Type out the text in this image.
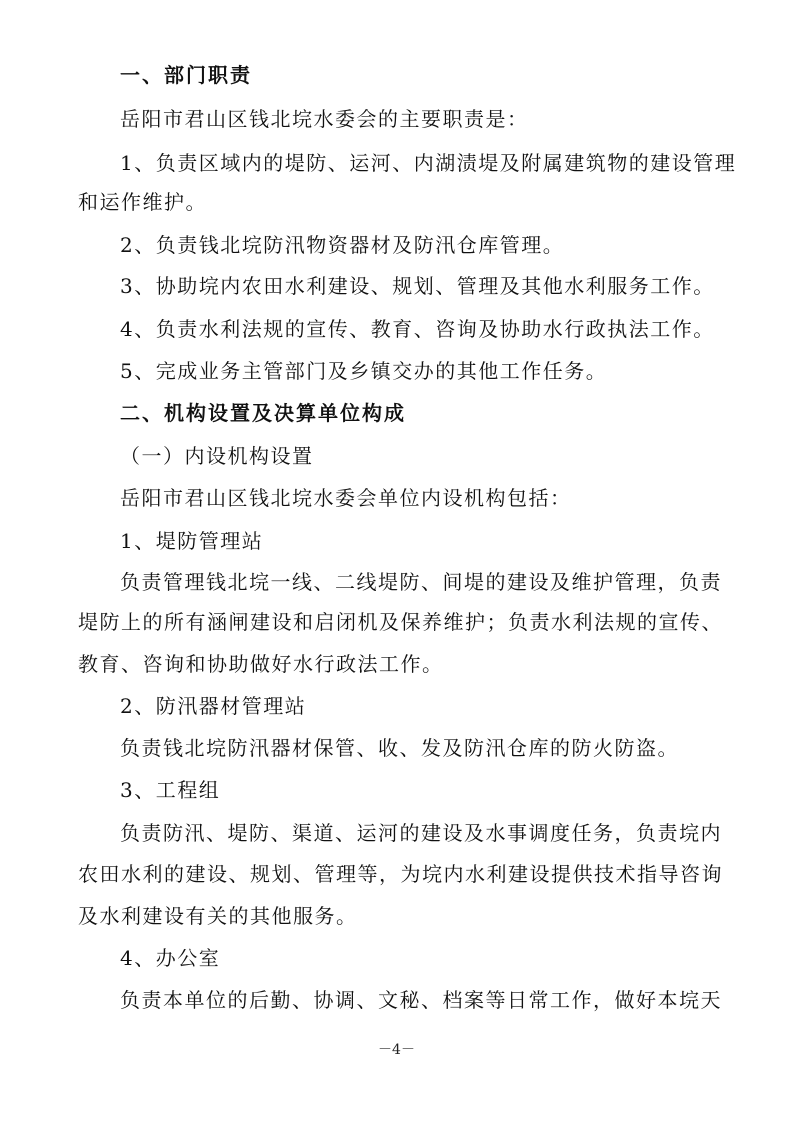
一、部门职责
岳阳市君山区钱北垸水委会的主要职责是：
1、负责区域内的堤防、运河、内湖渍堤及附属建筑物的建设管理
和运作维护。
2、负责钱北垸防汛物资器材及防汛仓库管理。
3、协助垸内农田水利建设、规划、管理及其他水利服务工作。
4、负责水利法规的宣传、教育、咨询及协助水行政执法工作。
5、完成业务主管部门及乡镇交办的其他工作任务。
二、机构设置及决算单位构成
（一）内设机构设置
岳阳市君山区钱北垸水委会单位内设机构包括：
1、堤防管理站
负责管理钱北垸一线、二线堤防、间堤的建设及维护管理，负责
堤防上的所有涵闸建设和启闭机及保养维护；负责水利法规的宣传、
教育、咨询和协助做好水行政法工作。
2、防汛器材管理站
负责钱北垸防汛器材保管、收、发及防汛仓库的防火防盗。
3、工程组
负责防汛、堤防、渠道、运河的建设及水事调度任务，负责垸内
农田水利的建设、规划、管理等，为垸内水利建设提供技术指导咨询
及水利建设有关的其他服务。
4、办公室
负责本单位的后勤、协调、文秘、档案等日常工作，做好本垸天
－4－
